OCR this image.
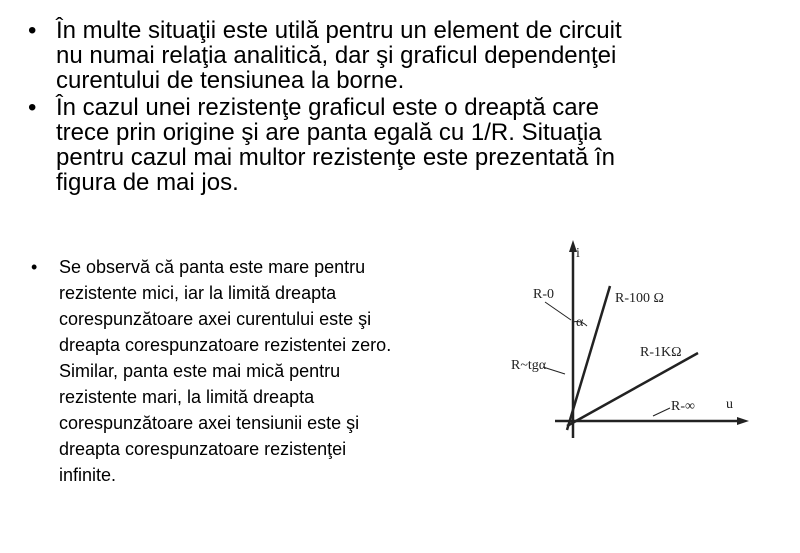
• În multe situaţii este utilă pentru un element de circuit
nu numai relaţia analitică, dar şi graficul dependenţei
curentului de tensiunea la borne.
• În cazul unei rezistenţe graficul este o dreaptă care
trece prin origine şi are panta egală cu 1/R. Situaţia
pentru cazul mai multor rezistenţe este prezentată în
figura de mai jos.
• Se observă că panta este mare pentru
rezistente mici, iar la limită dreapta
corespunzătoare axei curentului este şi
dreapta corespunzatoare rezistentei zero.
Similar, panta este mai mică pentru
rezistente mari, la limită dreapta
corespunzătoare axei tensiunii este şi
dreapta corespunzatoare rezistenţei
infinite.
i
u
R-0	R-100 Ω
α
R~tgα
R-1KΩ
R-∞
